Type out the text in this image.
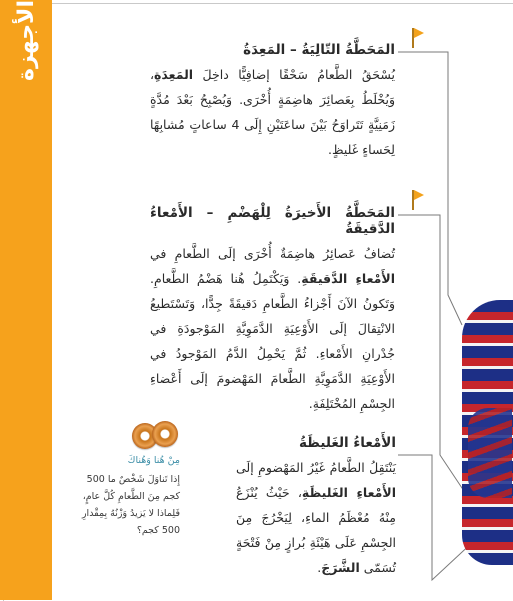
الأجهزة	المَحَطَّةُ التّالِيَةُ – المَعِدَةُ

يُسْحَقُ الطَّعامُ سَحْقًا إضافِيًّا داخِلَ المَعِدَةِ، وَيُخْلَطُ بِعَصائِرَ هاضِمَةٍ أُخْرَى. وَيُصْبِحُ بَعْدَ مُدَّةٍ زَمَنِيَّةٍ تَتَراوَحُ بَيْنَ ساعَتَيْنِ إِلَى 4 ساعاتٍ مُشابِهًا لِحَساءٍ غَليظٍ.

المَحَطَّةُ الأَخيرَةُ لِلْهَضْمِ – الأَمْعاءُ الدَّقيقَةُ

تُضافُ عَصائِرُ هاضِمَةٌ أُخْرَى إلَى الطَّعامِ في الأَمْعاءِ الدَّقيقَةِ. وَيَكْتَمِلُ هُنا هَضْمُ الطَّعامِ. وَتَكونُ الآنَ أَجْزاءُ الطَّعامِ دَقيقَةً جِدًّا، وَتَسْتَطيعُ الانْتِقالَ إلَى الأَوْعِيَةِ الدَّمَوِيَّةِ المَوْجودَةِ في جُدْرانِ الأَمْعاءِ. ثُمَّ يَحْمِلُ الدَّمُ المَوْجودُ في الأَوْعِيَةِ الدَّمَوِيَّةِ الطَّعامَ المَهْضومَ إلَى أَعْضاءِ الجِسْمِ المُخْتَلِفَةِ.

الأَمْعاءُ الغَليظَةُ

يَنْتَقِلُ الطَّعامُ غَيْرُ المَهْضومِ إلَى الأَمْعاءِ الغَليظَةِ، حَيْثُ يُنْزَعُ مِنْهُ مُعْظَمُ الماءِ، لِيَخْرُجَ مِنَ الجِسْمِ عَلَى هَيْئَةِ بُرازٍ مِنْ فَتْحَةٍ تُسَمّى الشَّرَجَ.

مِنْ هُنا وَهُناكَ

إِذا تَناوَلَ شَخْصٌ ما 500 كجم مِنَ الطَّعامِ كُلَّ عامٍ، فَلِماذا لا يَزيدُ وَزْنُهُ بِمِقْدارِ 500 كجم؟
